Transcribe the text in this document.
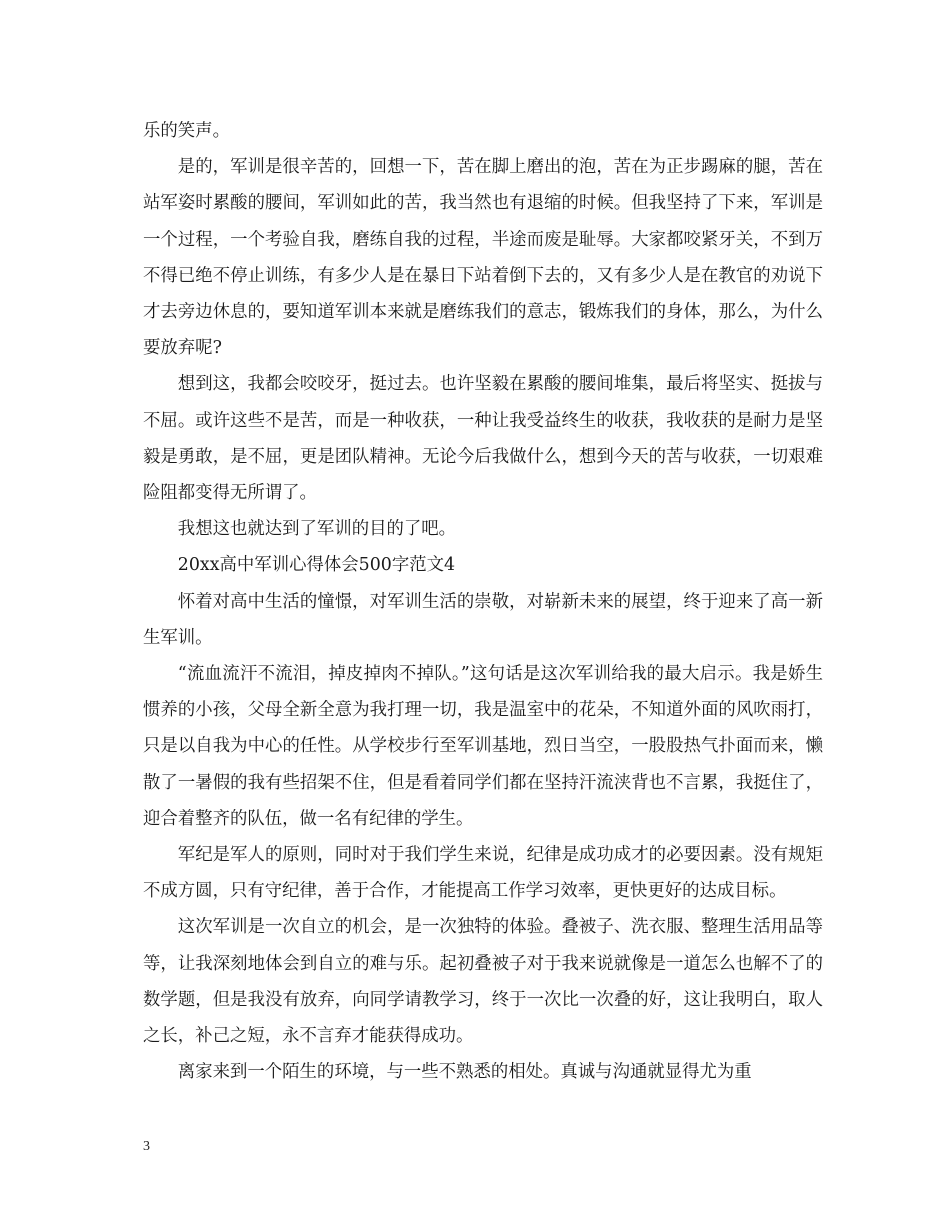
乐的笑声。

是的，军训是很辛苦的，回想一下，苦在脚上磨出的泡，苦在为正步踢麻的腿，苦在站军姿时累酸的腰间，军训如此的苦，我当然也有退缩的时候。但我坚持了下来，军训是一个过程，一个考验自我，磨练自我的过程，半途而废是耻辱。大家都咬紧牙关，不到万不得已绝不停止训练，有多少人是在暴日下站着倒下去的，又有多少人是在教官的劝说下才去旁边休息的，要知道军训本来就是磨练我们的意志，锻炼我们的身体，那么，为什么要放弃呢?

想到这，我都会咬咬牙，挺过去。也许坚毅在累酸的腰间堆集，最后将坚实、挺拔与不屈。或许这些不是苦，而是一种收获，一种让我受益终生的收获，我收获的是耐力是坚毅是勇敢，是不屈，更是团队精神。无论今后我做什么，想到今天的苦与收获，一切艰难险阻都变得无所谓了。

我想这也就达到了军训的目的了吧。

20xx高中军训心得体会500字范文4

怀着对高中生活的憧憬，对军训生活的崇敬，对崭新未来的展望，终于迎来了高一新生军训。

“流血流汗不流泪，掉皮掉肉不掉队。”这句话是这次军训给我的最大启示。我是娇生惯养的小孩，父母全新全意为我打理一切，我是温室中的花朵，不知道外面的风吹雨打，只是以自我为中心的任性。从学校步行至军训基地，烈日当空，一股股热气扑面而来，懒散了一暑假的我有些招架不住，但是看着同学们都在坚持汗流浃背也不言累，我挺住了，迎合着整齐的队伍，做一名有纪律的学生。

军纪是军人的原则，同时对于我们学生来说，纪律是成功成才的必要因素。没有规矩不成方圆，只有守纪律，善于合作，才能提高工作学习效率，更快更好的达成目标。

这次军训是一次自立的机会，是一次独特的体验。叠被子、洗衣服、整理生活用品等等，让我深刻地体会到自立的难与乐。起初叠被子对于我来说就像是一道怎么也解不了的数学题，但是我没有放弃，向同学请教学习，终于一次比一次叠的好，这让我明白，取人之长，补己之短，永不言弃才能获得成功。

离家来到一个陌生的环境，与一些不熟悉的相处。真诚与沟通就显得尤为重

3
